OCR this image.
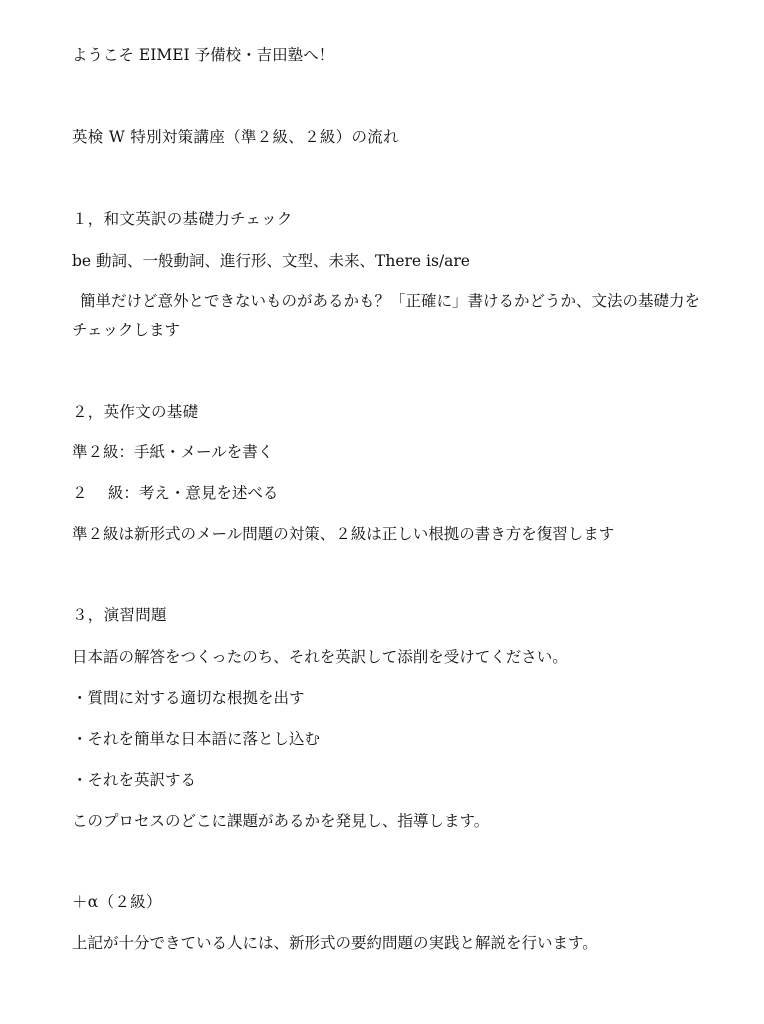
ようこそ EIMEI 予備校・吉田塾へ！

英検 W 特別対策講座（準２級、２級）の流れ

１，和文英訳の基礎力チェック

be 動詞、一般動詞、進行形、文型、未来、There is/are

簡単だけど意外とできないものがあるかも？「正確に」書けるかどうか、文法の基礎力をチェックします

２，英作文の基礎

準２級：手紙・メールを書く

２　 級：考え・意見を述べる

準２級は新形式のメール問題の対策、２級は正しい根拠の書き方を復習します

３，演習問題

日本語の解答をつくったのち、それを英訳して添削を受けてください。

・質問に対する適切な根拠を出す

・それを簡単な日本語に落とし込む

・それを英訳する

このプロセスのどこに課題があるかを発見し、指導します。

＋α（２級）

上記が十分できている人には、新形式の要約問題の実践と解説を行います。
